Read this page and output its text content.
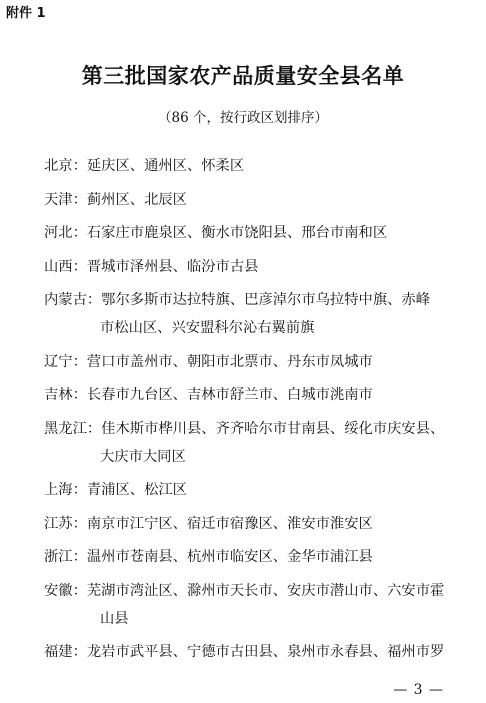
附件 1
第三批国家农产品质量安全县名单
（86 个，按行政区划排序）
北京：延庆区、通州区、怀柔区
天津：蓟州区、北辰区
河北：石家庄市鹿泉区、衡水市饶阳县、邢台市南和区
山西：晋城市泽州县、临汾市古县
内蒙古：鄂尔多斯市达拉特旗、巴彦淖尔市乌拉特中旗、赤峰
市松山区、兴安盟科尔沁右翼前旗
辽宁：营口市盖州市、朝阳市北票市、丹东市凤城市
吉林：长春市九台区、吉林市舒兰市、白城市洮南市
黑龙江：佳木斯市桦川县、齐齐哈尔市甘南县、绥化市庆安县、
大庆市大同区
上海：青浦区、松江区
江苏：南京市江宁区、宿迁市宿豫区、淮安市淮安区
浙江：温州市苍南县、杭州市临安区、金华市浦江县
安徽：芜湖市湾沚区、滁州市天长市、安庆市潜山市、六安市霍
山县
福建：龙岩市武平县、宁德市古田县、泉州市永春县、福州市罗
— 3 —
